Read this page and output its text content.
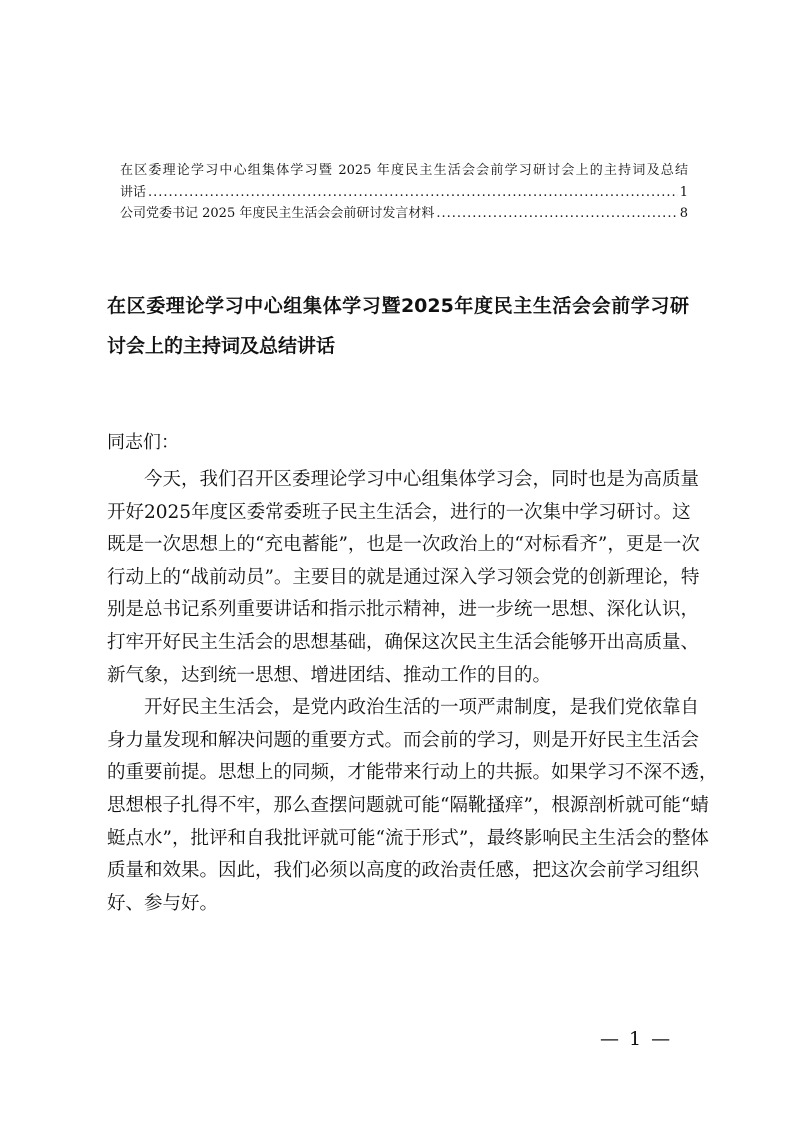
在区委理论学习中心组集体学习暨 2025 年度民主生活会会前学习研讨会上的主持词及总结
讲话 .....	1
公司党委书记 2025 年度民主生活会会前研讨发言材料 .....	8
在区委理论学习中心组集体学习暨2025年度民主生活会会前学习研
讨会上的主持词及总结讲话
同志们：
　　今天，我们召开区委理论学习中心组集体学习会，同时也是为高质量
开好2025年度区委常委班子民主生活会，进行的一次集中学习研讨。这
既是一次思想上的“充电蓄能”，也是一次政治上的“对标看齐”，更是一次
行动上的“战前动员”。主要目的就是通过深入学习领会党的创新理论，特
别是总书记系列重要讲话和指示批示精神，进一步统一思想、深化认识，
打牢开好民主生活会的思想基础，确保这次民主生活会能够开出高质量、
新气象，达到统一思想、增进团结、推动工作的目的。
　　开好民主生活会，是党内政治生活的一项严肃制度，是我们党依靠自
身力量发现和解决问题的重要方式。而会前的学习，则是开好民主生活会
的重要前提。思想上的同频，才能带来行动上的共振。如果学习不深不透，
思想根子扎得不牢，那么查摆问题就可能“隔靴搔痒”，根源剖析就可能“蜻
蜓点水”，批评和自我批评就可能“流于形式”，最终影响民主生活会的整体
质量和效果。因此，我们必须以高度的政治责任感，把这次会前学习组织
好、参与好。
— 1 —
